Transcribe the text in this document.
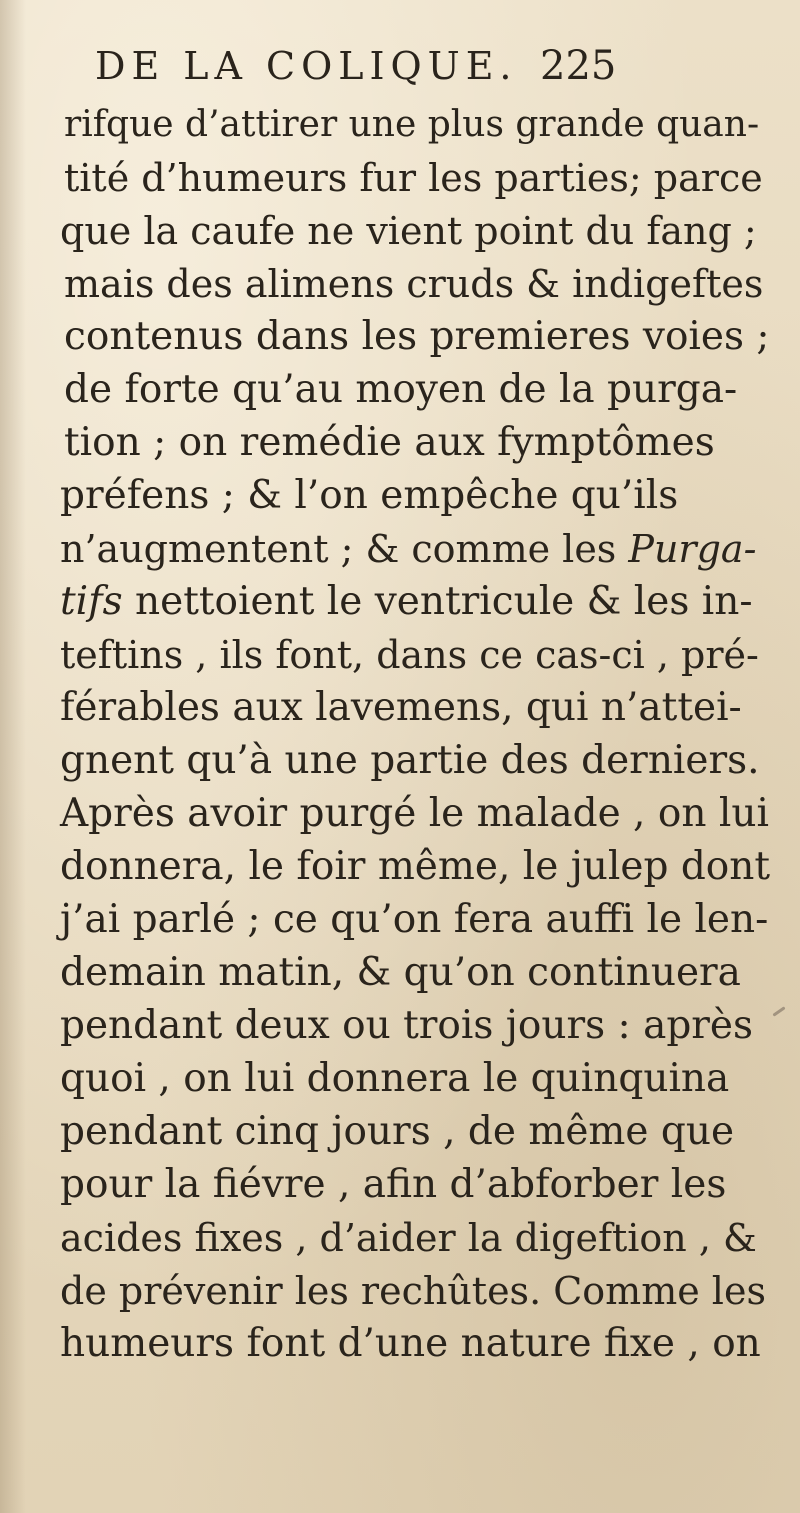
DE LA COLIQUE. 225
rifque d’attirer une plus grande quan-
tité d’humeurs fur les parties; parce
que la caufe ne vient point du fang ;
mais des alimens cruds & indigeftes
contenus dans les premieres voies ;
de forte qu’au moyen de la purga-
tion ; on remédie aux fymptômes
préfens ; & l’on empêche qu’ils
n’augmentent ; & comme les Purga-
tifs nettoient le ventricule & les in-
teftins , ils font, dans ce cas-ci , pré-
férables aux lavemens, qui n’attei-
gnent qu’à une partie des derniers.
Après avoir purgé le malade , on lui
donnera, le foir même, le julep dont
j’ai parlé ; ce qu’on fera auffi le len-
demain matin, & qu’on continuera
pendant deux ou trois jours : après
quoi , on lui donnera le quinquina
pendant cinq jours , de même que
pour la fiévre , afin d’abforber les
acides fixes , d’aider la digeftion , &
de prévenir les rechûtes. Comme les
humeurs font d’une nature fixe , on
